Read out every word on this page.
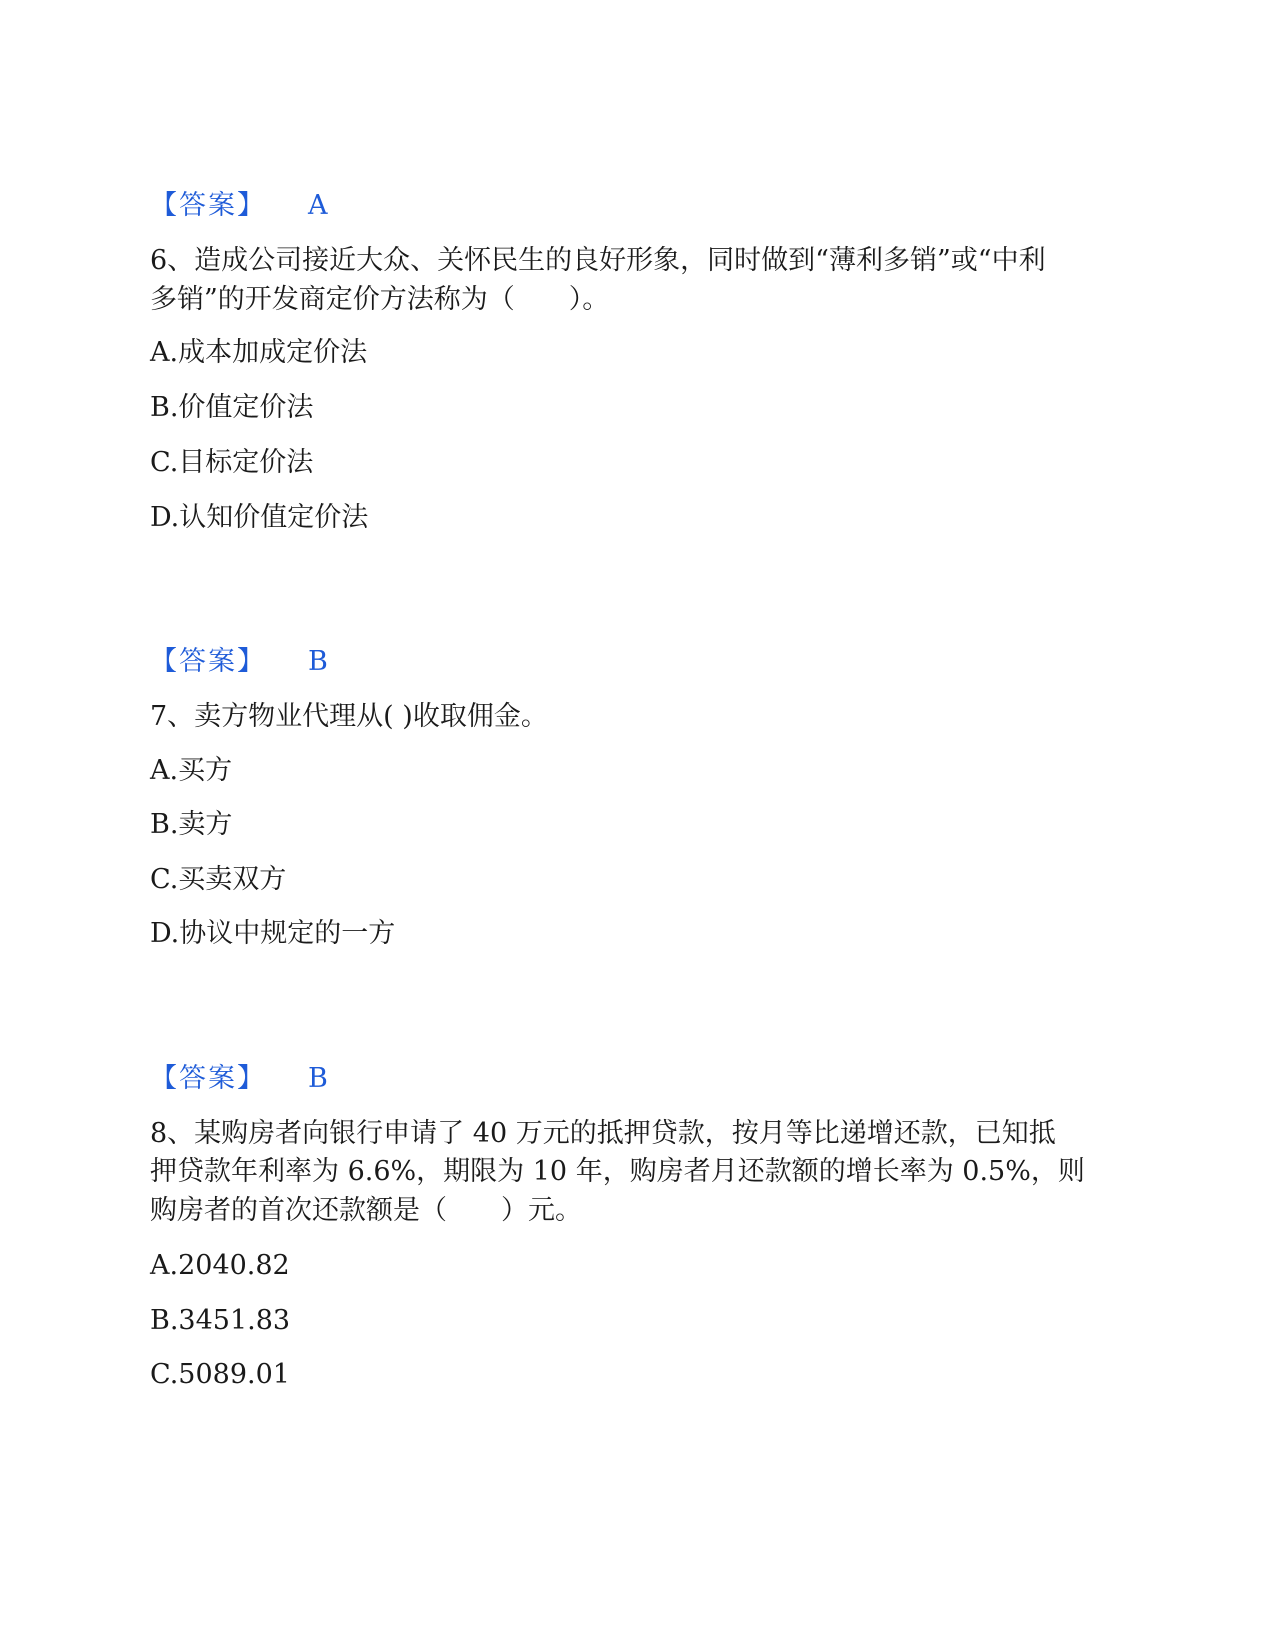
【答案】 A
6、造成公司接近大众、关怀民生的良好形象，同时做到“薄利多销”或“中利
多销”的开发商定价方法称为（　　）。
A.成本加成定价法
B.价值定价法
C.目标定价法
D.认知价值定价法
【答案】 B
7、卖方物业代理从( )收取佣金。
A.买方
B.卖方
C.买卖双方
D.协议中规定的一方
【答案】 B
8、某购房者向银行申请了 40 万元的抵押贷款，按月等比递增还款，已知抵
押贷款年利率为 6.6%，期限为 10 年，购房者月还款额的增长率为 0.5%，则
购房者的首次还款额是（　　）元。
A.2040.82
B.3451.83
C.5089.01
